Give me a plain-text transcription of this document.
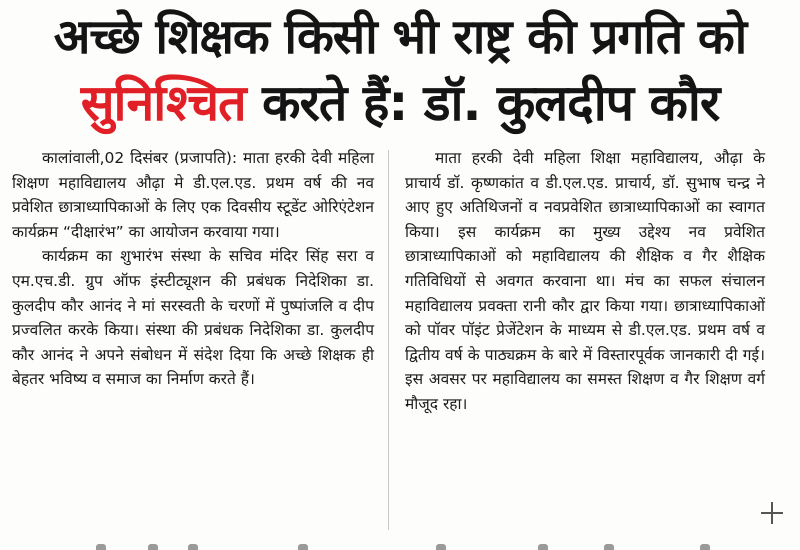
अच्छे शिक्षक किसी भी राष्ट्र की प्रगति को
सुनिश्चित करते हैं: डॉ. कुलदीप कौर

कालांवाली,02 दिसंबर (प्रजापति): माता हरकी देवी महिला शिक्षण महाविद्यालय औढ़ा मे डी.एल.एड. प्रथम वर्ष की नव प्रवेशित छात्राध्यापिकाओं के लिए एक दिवसीय स्टूडेंट ओरिएंटेशन कार्यक्रम “दीक्षारंभ” का आयोजन करवाया गया।

कार्यक्रम का शुभारंभ संस्था के सचिव मंदिर सिंह सरा व एम.एच.डी. ग्रुप ऑफ इंस्टीट्यूशन की प्रबंधक निदेशिका डा. कुलदीप कौर आनंद ने मां सरस्वती के चरणों में पुष्पांजलि व दीप प्रज्वलित करके किया। संस्था की प्रबंधक निदेशिका डा. कुलदीप कौर आनंद ने अपने संबोधन में संदेश दिया कि अच्छे शिक्षक ही बेहतर भविष्य व समाज का निर्माण करते हैं।

माता हरकी देवी महिला शिक्षा महाविद्यालय, औढ़ा के प्राचार्य डॉ. कृष्णकांत व डी.एल.एड. प्राचार्य, डॉ. सुभाष चन्द्र ने आए हुए अतिथिजनों व नवप्रवेशित छात्राध्यापिकाओं का स्वागत किया। इस कार्यक्रम का मुख्य उद्देश्य नव प्रवेशित छात्राध्यापिकाओं को महाविद्यालय की शैक्षिक व गैर शैक्षिक गतिविधियों से अवगत करवाना था। मंच का सफल संचालन महाविद्यालय प्रवक्ता रानी कौर द्वार किया गया। छात्राध्यापिकाओं को पॉवर पॉइंट प्रेजेंटेशन के माध्यम से डी.एल.एड. प्रथम वर्ष व द्वितीय वर्ष के पाठ्यक्रम के बारे में विस्तारपूर्वक जानकारी दी गई। इस अवसर पर महाविद्यालय का समस्त शिक्षण व गैर शिक्षण वर्ग मौजूद रहा।
